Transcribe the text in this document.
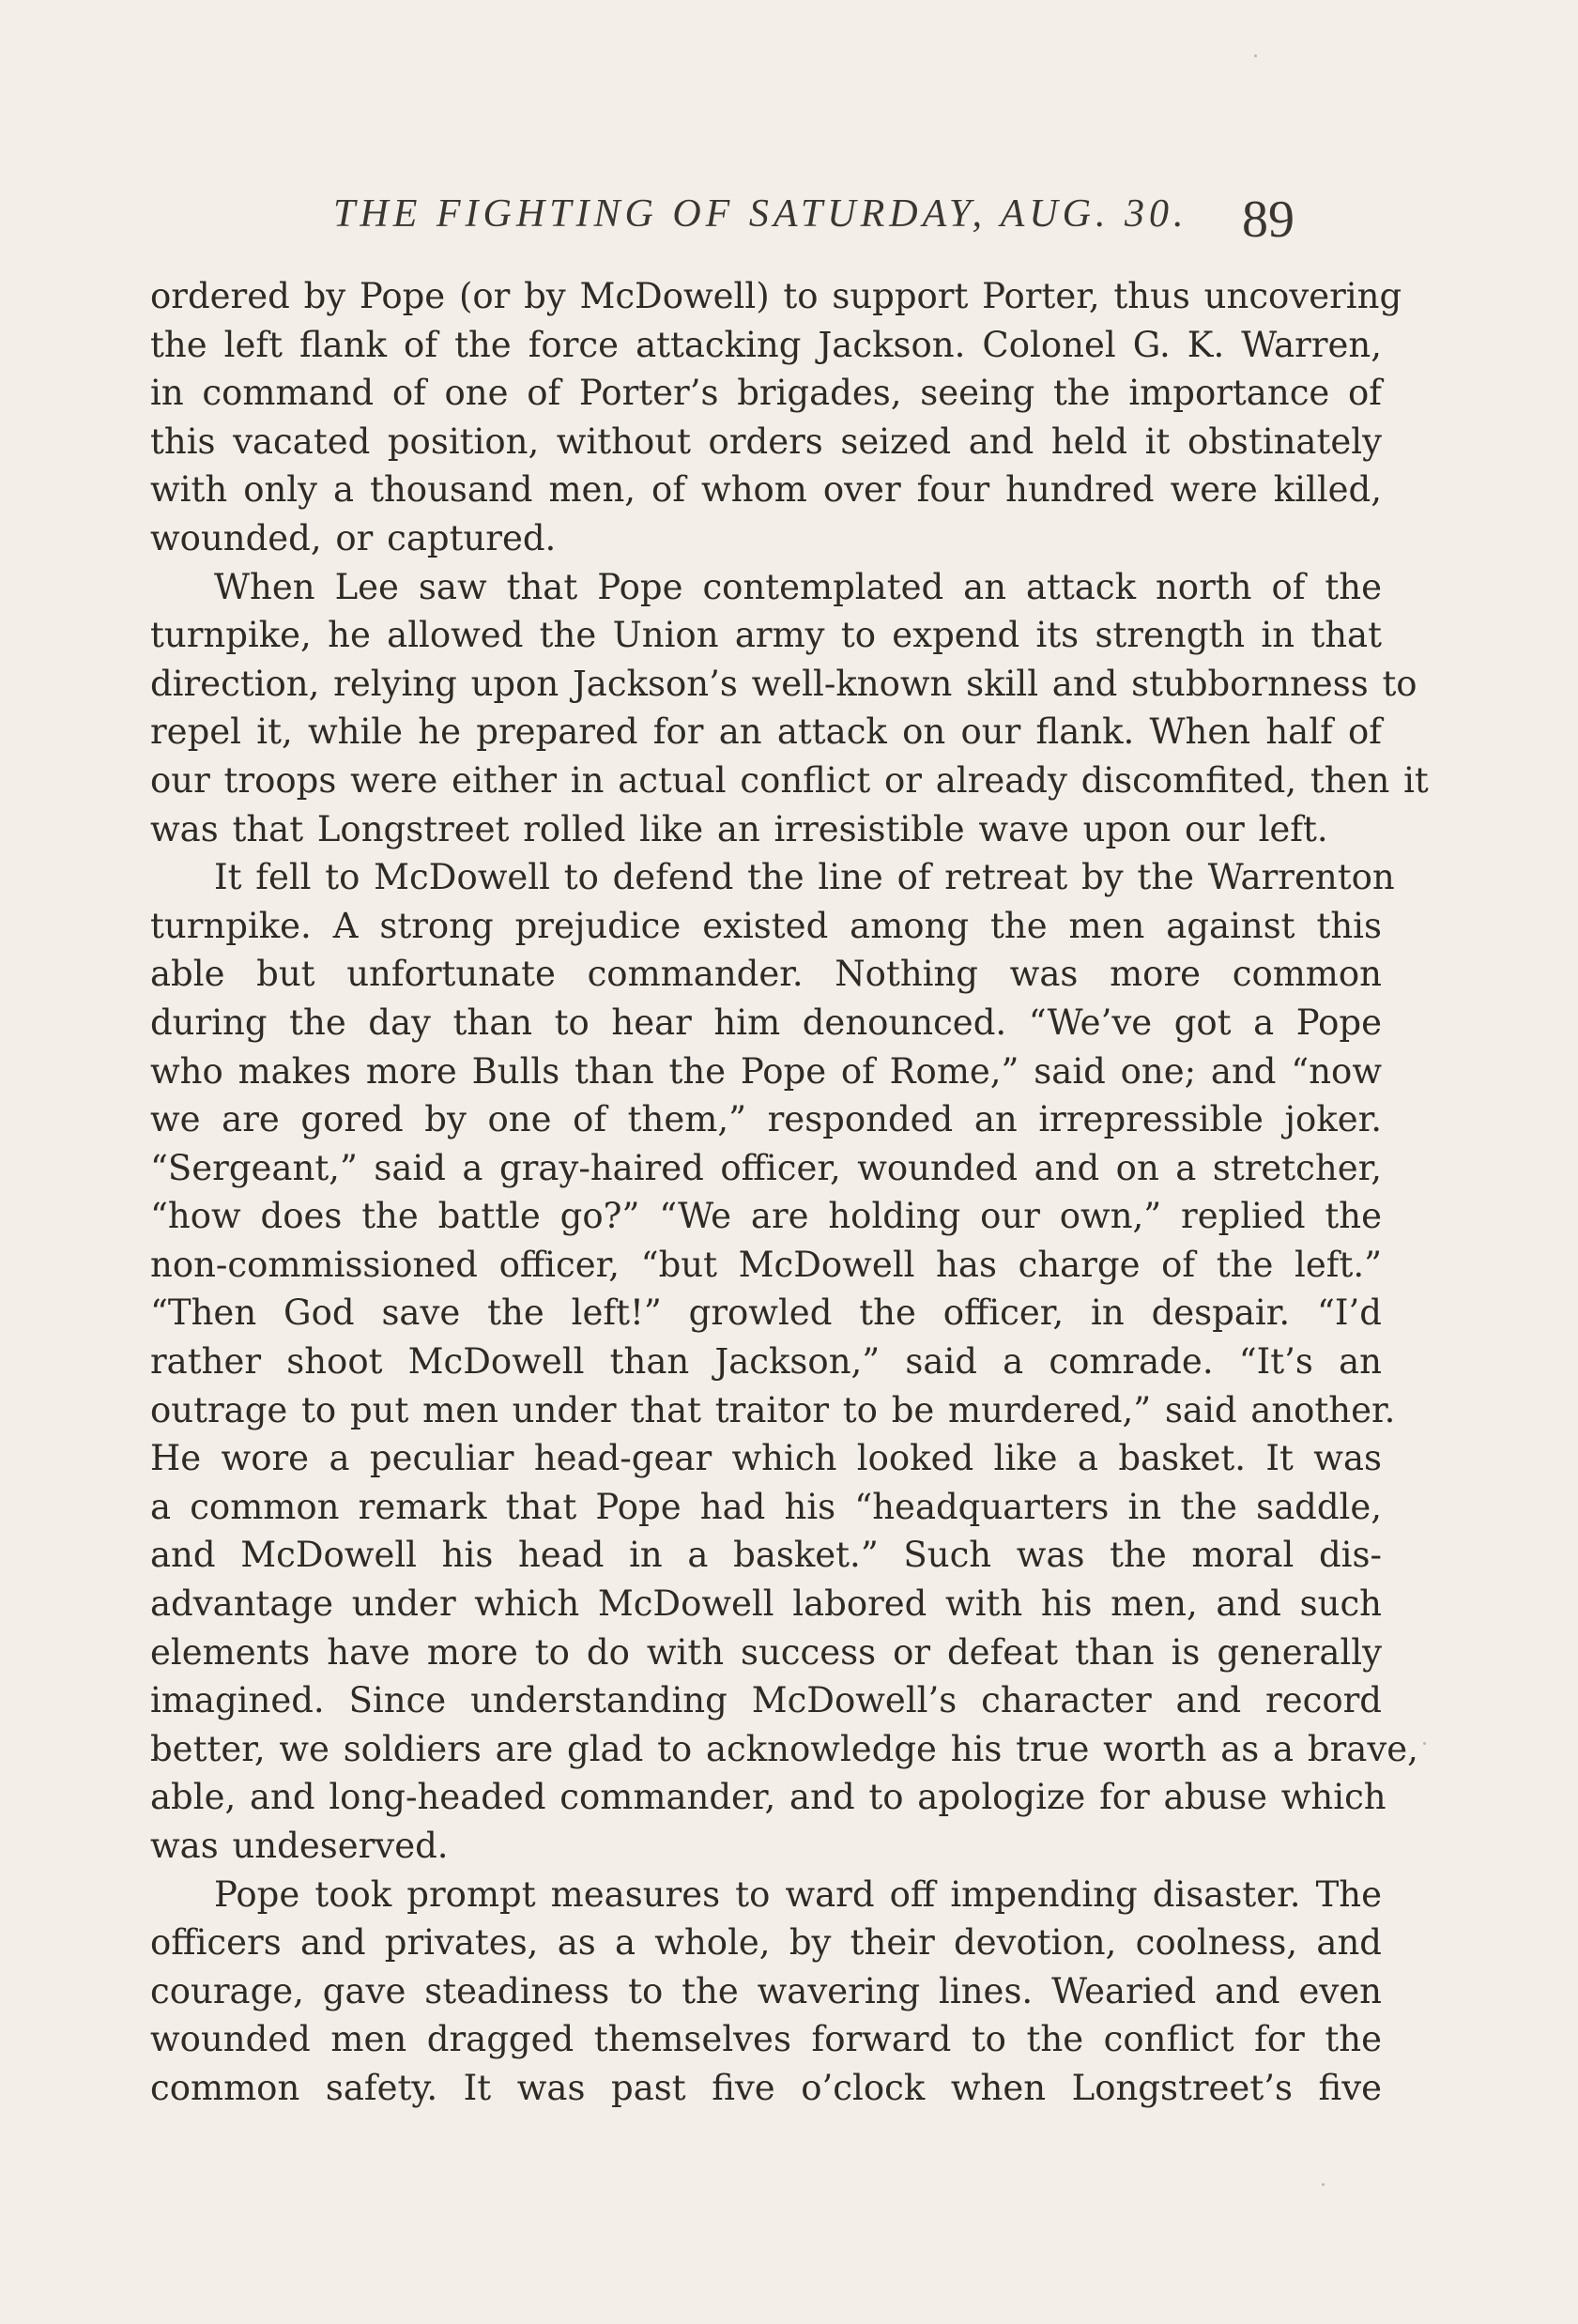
THE FIGHTING OF SATURDAY, AUG. 30. 89
ordered by Pope (or by McDowell) to support Porter, thus uncovering
the left flank of the force attacking Jackson. Colonel G. K. Warren,
in command of one of Porter’s brigades, seeing the importance of
this vacated position, without orders seized and held it obstinately
with only a thousand men, of whom over four hundred were killed,
wounded, or captured.
When Lee saw that Pope contemplated an attack north of the
turnpike, he allowed the Union army to expend its strength in that
direction, relying upon Jackson’s well-known skill and stubbornness to
repel it, while he prepared for an attack on our flank. When half of
our troops were either in actual conflict or already discomfited, then it
was that Longstreet rolled like an irresistible wave upon our left.
It fell to McDowell to defend the line of retreat by the Warrenton
turnpike. A strong prejudice existed among the men against this
able but unfortunate commander. Nothing was more common
during the day than to hear him denounced. “We’ve got a Pope
who makes more Bulls than the Pope of Rome,” said one; and “now
we are gored by one of them,” responded an irrepressible joker.
“Sergeant,” said a gray-haired officer, wounded and on a stretcher,
“how does the battle go?” “We are holding our own,” replied the
non-commissioned officer, “but McDowell has charge of the left.”
“Then God save the left!” growled the officer, in despair. “I’d
rather shoot McDowell than Jackson,” said a comrade. “It’s an
outrage to put men under that traitor to be murdered,” said another.
He wore a peculiar head-gear which looked like a basket. It was
a common remark that Pope had his “headquarters in the saddle,
and McDowell his head in a basket.” Such was the moral dis-
advantage under which McDowell labored with his men, and such
elements have more to do with success or defeat than is generally
imagined. Since understanding McDowell’s character and record
better, we soldiers are glad to acknowledge his true worth as a brave,
able, and long-headed commander, and to apologize for abuse which
was undeserved.
Pope took prompt measures to ward off impending disaster. The
officers and privates, as a whole, by their devotion, coolness, and
courage, gave steadiness to the wavering lines. Wearied and even
wounded men dragged themselves forward to the conflict for the
common safety. It was past five o’clock when Longstreet’s five
